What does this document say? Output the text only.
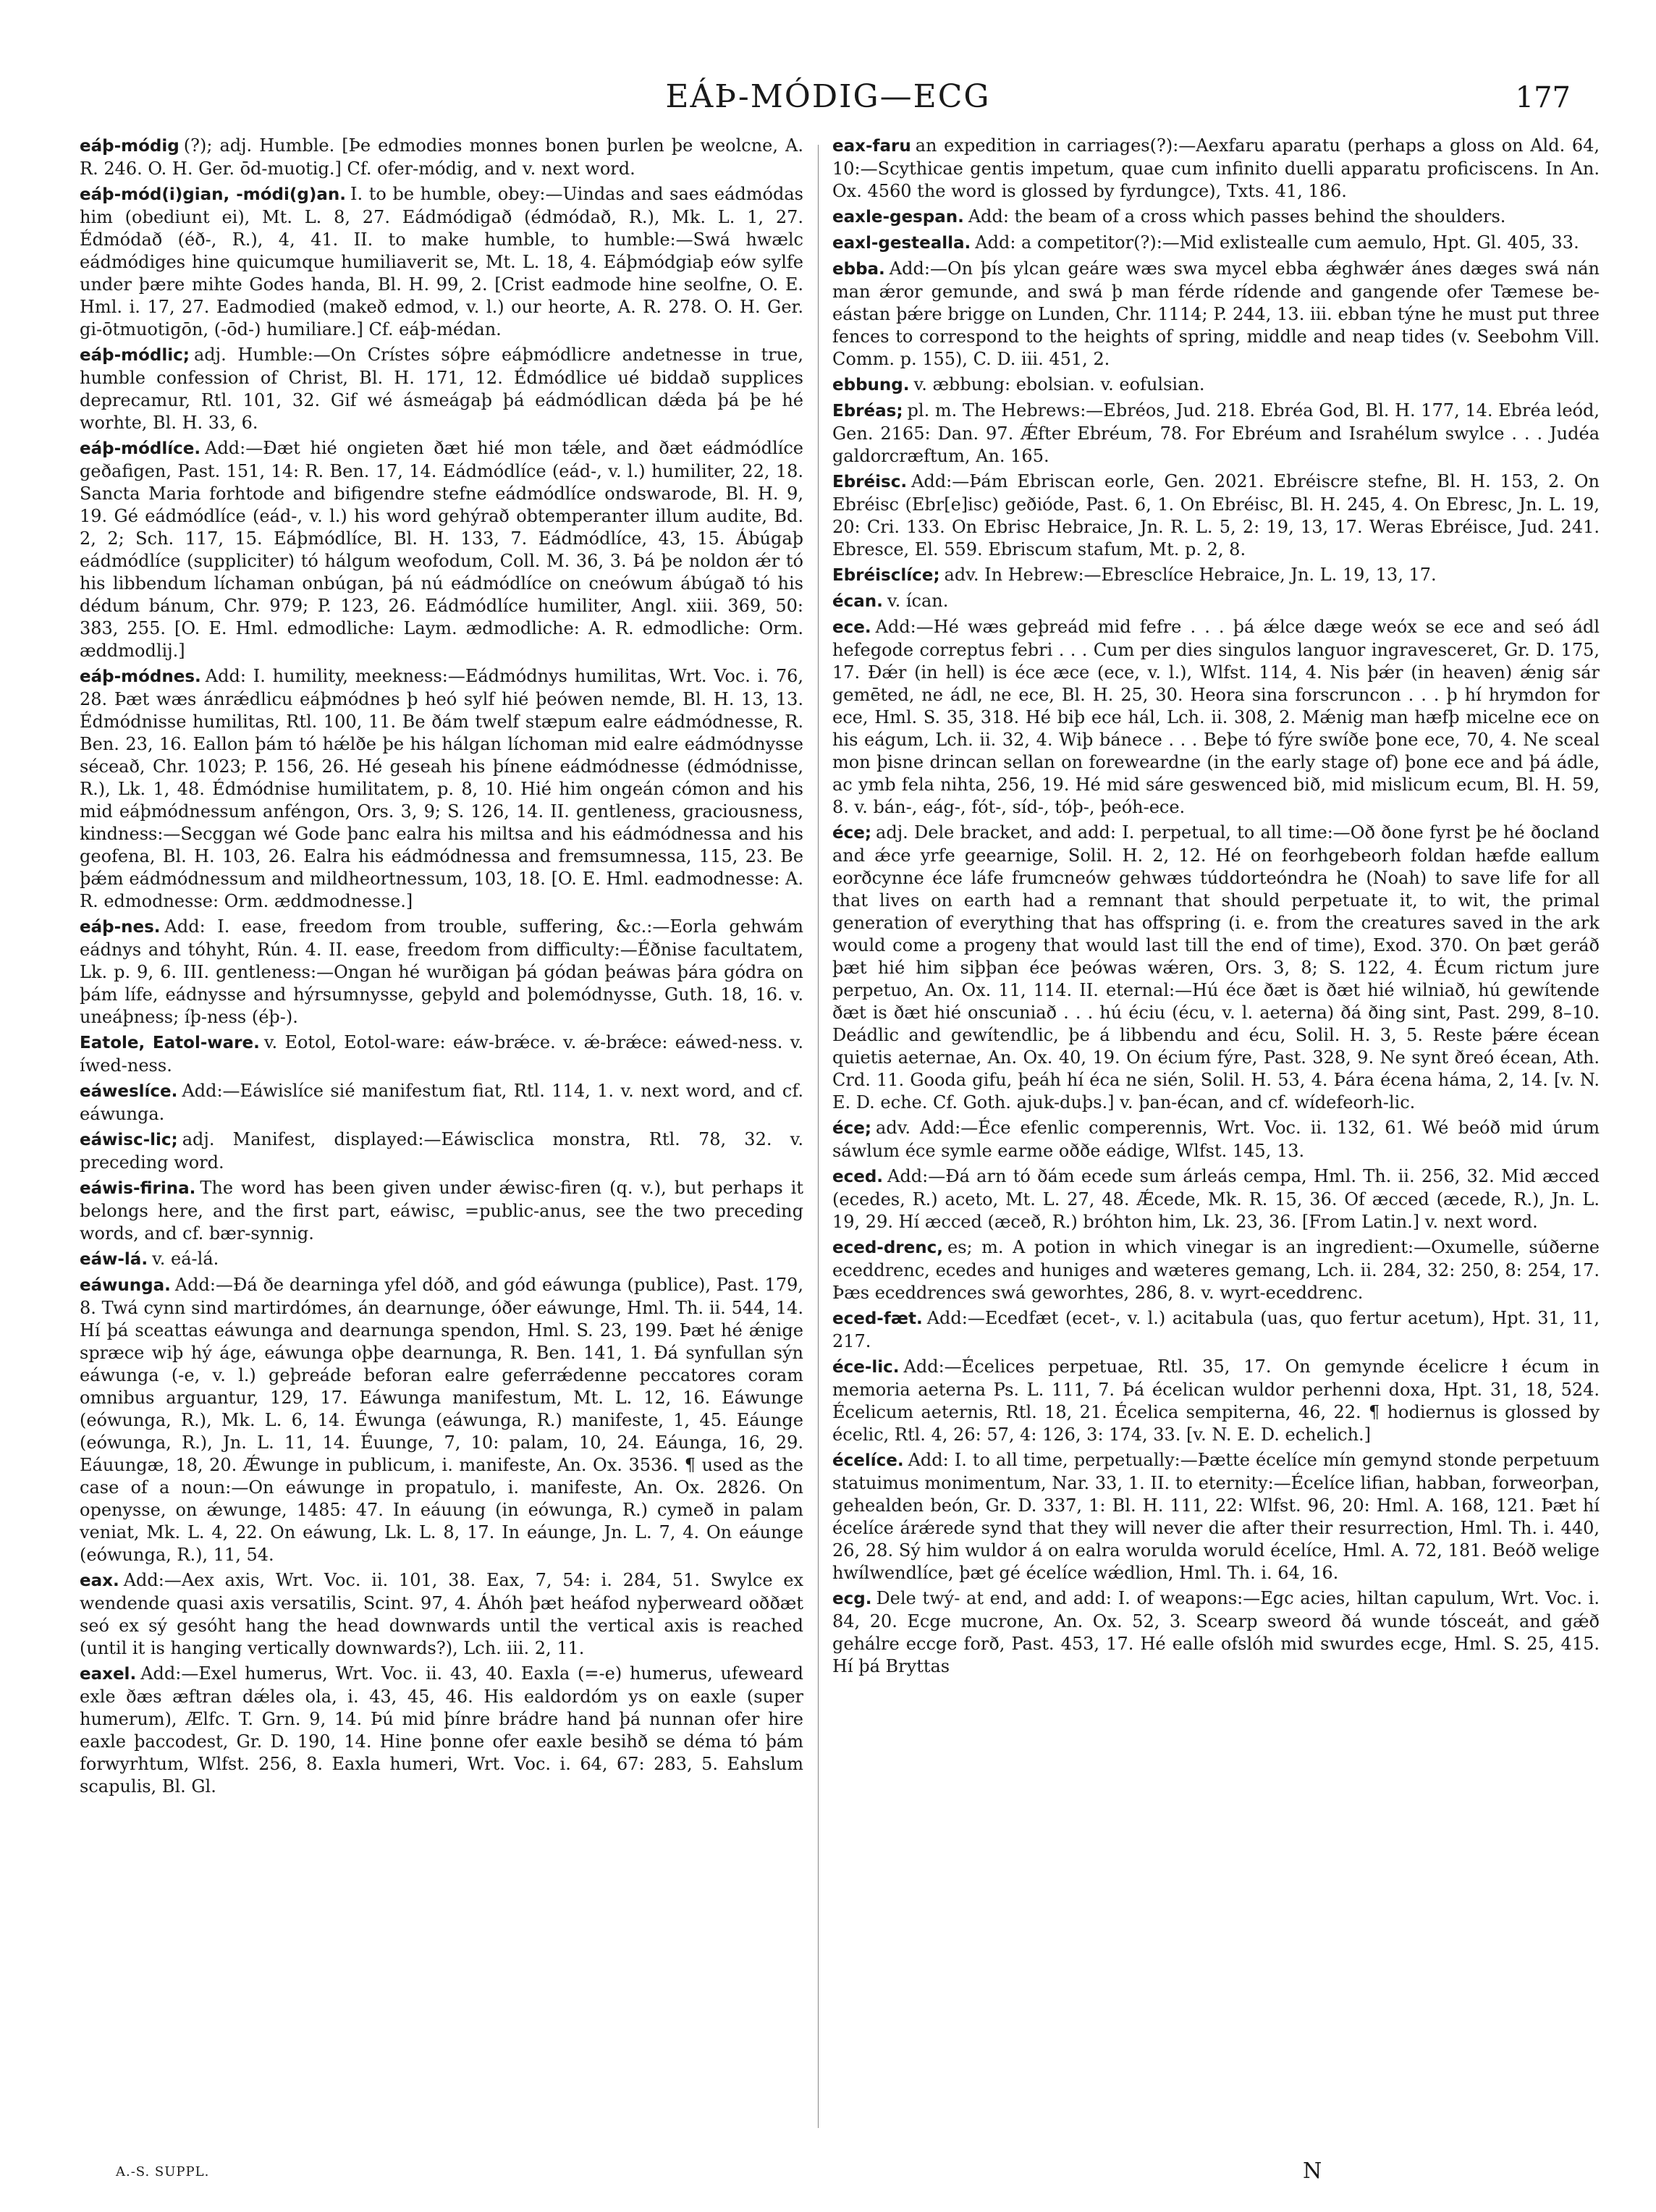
EÁÞ-MÓDIG—ECG	177

eáþ-módig (?); adj. Humble. [Þe edmodies monnes bonen þurlen þe weolcne, A. R. 246. O. H. Ger. ōd-muotig.] Cf. ofer-módig, and v. next word.

eáþ-mód(i)gian, -módi(g)an. I. to be humble, obey:—Uindas and saes eádmódas him (obediunt ei), Mt. L. 8, 27. Eádmódigað (édmódað, R.), Mk. L. 1, 27. Édmódað (éð-, R.), 4, 41. II. to make humble, to humble:—Swá hwælc eádmódiges hine quicumque humiliaverit se, Mt. L. 18, 4. Eáþmódgiaþ eów sylfe under þære mihte Godes handa, Bl. H. 99, 2. [Crist eadmode hine seolfne, O. E. Hml. i. 17, 27. Eadmodied (makeð edmod, v. l.) our heorte, A. R. 278. O. H. Ger. gi-ōtmuotigōn, (-ōd-) humiliare.] Cf. eáþ-médan.

eáþ-módlic; adj. Humble:—On Crístes sóþre eáþmódlicre andetnesse in true, humble confession of Christ, Bl. H. 171, 12. Édmódlice ué biddað supplices deprecamur, Rtl. 101, 32. Gif wé ásmeágaþ þá eádmódlican dǽda þá þe hé worhte, Bl. H. 33, 6.

eáþ-módlíce. Add:—Ðæt hié ongieten ðæt hié mon tǽle, and ðæt eádmódlíce geðafigen, Past. 151, 14: R. Ben. 17, 14. Eádmódlíce (eád-, v. l.) humiliter, 22, 18. Sancta Maria forhtode and bifigendre stefne eádmódlíce ondswarode, Bl. H. 9, 19. Gé eádmódlíce (eád-, v. l.) his word gehýrað obtemperanter illum audite, Bd. 2, 2; Sch. 117, 15. Eáþmódlíce, Bl. H. 133, 7. Eádmódlíce, 43, 15. Ábúgaþ eádmódlíce (suppliciter) tó hálgum weofodum, Coll. M. 36, 3. Þá þe noldon ǽr tó his libbendum líchaman onbúgan, þá nú eádmódlíce on cneówum ábúgað tó his dédum bánum, Chr. 979; P. 123, 26. Eádmódlíce humiliter, Angl. xiii. 369, 50: 383, 255. [O. E. Hml. edmodliche: Laym. ædmodliche: A. R. edmodliche: Orm. æddmodlij.]

eáþ-módnes. Add: I. humility, meekness:—Eádmódnys humilitas, Wrt. Voc. i. 76, 28. Þæt wæs ánrǽdlicu eáþmódnes þ heó sylf hié þeówen nemde, Bl. H. 13, 13. Édmódnisse humilitas, Rtl. 100, 11. Be ðám twelf stæpum ealre eádmódnesse, R. Ben. 23, 16. Eallon þám tó hǽlðe þe his hálgan líchoman mid ealre eádmódnysse séceað, Chr. 1023; P. 156, 26. Hé geseah his þínene eádmódnesse (édmódnisse, R.), Lk. 1, 48. Édmódnise humilitatem, p. 8, 10. Hié him ongeán cómon and his mid eáþmódnessum anféngon, Ors. 3, 9; S. 126, 14. II. gentleness, graciousness, kindness:—Secggan wé Gode þanc ealra his miltsa and his eádmódnessa and his geofena, Bl. H. 103, 26. Ealra his eádmódnessa and fremsumnessa, 115, 23. Be þǽm eádmódnessum and mildheortnessum, 103, 18. [O. E. Hml. eadmodnesse: A. R. edmodnesse: Orm. æddmodnesse.]

eáþ-nes. Add: I. ease, freedom from trouble, suffering, &c.:—Eorla gehwám eádnys and tóhyht, Rún. 4. II. ease, freedom from difficulty:—Éðnise facultatem, Lk. p. 9, 6. III. gentleness:—Ongan hé wurðigan þá gódan þeáwas þára gódra on þám lífe, eádnysse and hýrsumnysse, geþyld and þolemódnysse, Guth. 18, 16. v. uneáþness; íþ-ness (éþ-).

Eatole, Eatol-ware. v. Eotol, Eotol-ware: eáw-brǽce. v. ǽ-brǽce: eáwed-ness. v. íwed-ness.

eáweslíce. Add:—Eáwislíce sié manifestum fiat, Rtl. 114, 1. v. next word, and cf. eáwunga.

eáwisc-lic; adj. Manifest, displayed:—Eáwisclica monstra, Rtl. 78, 32. v. preceding word.

eáwis-firina. The word has been given under ǽwisc-firen (q. v.), but perhaps it belongs here, and the first part, eáwisc, =public-anus, see the two preceding words, and cf. bær-synnig.

eáw-lá. v. eá-lá.

eáwunga. Add:—Ðá ðe dearninga yfel dóð, and gód eáwunga (publice), Past. 179, 8. Twá cynn sind martirdómes, án dearnunge, óðer eáwunge, Hml. Th. ii. 544, 14. Hí þá sceattas eáwunga and dearnunga spendon, Hml. S. 23, 199. Þæt hé ǽnige spræce wiþ hý áge, eáwunga oþþe dearnunga, R. Ben. 141, 1. Ðá synfullan sýn eáwunga (-e, v. l.) geþreáde beforan ealre geferrǽdenne peccatores coram omnibus arguantur, 129, 17. Eáwunga manifestum, Mt. L. 12, 16. Eáwunge (eówunga, R.), Mk. L. 6, 14. Éwunga (eáwunga, R.) manifeste, 1, 45. Eáunge (eówunga, R.), Jn. L. 11, 14. Éuunge, 7, 10: palam, 10, 24. Eáunga, 16, 29. Eáuungæ, 18, 20. Ǽwunge in publicum, i. manifeste, An. Ox. 3536. ¶ used as the case of a noun:—On eáwunge in propatulo, i. manifeste, An. Ox. 2826. On openysse, on ǽwunge, 1485: 47. In eáuung (in eówunga, R.) cymeð in palam veniat, Mk. L. 4, 22. On eáwung, Lk. L. 8, 17. In eáunge, Jn. L. 7, 4. On eáunge (eówunga, R.), 11, 54.

eax. Add:—Aex axis, Wrt. Voc. ii. 101, 38. Eax, 7, 54: i. 284, 51. Swylce ex wendende quasi axis versatilis, Scint. 97, 4. Áhóh þæt heáfod nyþerweard oððæt seó ex sý gesóht hang the head downwards until the vertical axis is reached (until it is hanging vertically downwards?), Lch. iii. 2, 11.

eaxel. Add:—Exel humerus, Wrt. Voc. ii. 43, 40. Eaxla (=-e) humerus, ufeweard exle ðæs æftran dǽles ola, i. 43, 45, 46. His ealdordóm ys on eaxle (super humerum), Ælfc. T. Grn. 9, 14. Þú mid þínre brádre hand þá nunnan ofer hire eaxle þaccodest, Gr. D. 190, 14. Hine þonne ofer eaxle besihð se déma tó þám forwyrhtum, Wlfst. 256, 8. Eaxla humeri, Wrt. Voc. i. 64, 67: 283, 5. Eahslum scapulis, Bl. Gl.

eax-faru an expedition in carriages(?):—Aexfaru aparatu (perhaps a gloss on Ald. 64, 10:—Scythicae gentis impetum, quae cum infinito duelli apparatu proficiscens. In An. Ox. 4560 the word is glossed by fyrdungce), Txts. 41, 186.

eaxle-gespan. Add: the beam of a cross which passes behind the shoulders.

eaxl-gestealla. Add: a competitor(?):—Mid exlistealle cum aemulo, Hpt. Gl. 405, 33.

ebba. Add:—On þís ylcan geáre wæs swa mycel ebba ǽghwǽr ánes dæges swá nán man ǽror gemunde, and swá þ man férde rídende and gangende ofer Tæmese be-eástan þǽre brigge on Lunden, Chr. 1114; P. 244, 13. iii. ebban týne he must put three fences to correspond to the heights of spring, middle and neap tides (v. Seebohm Vill. Comm. p. 155), C. D. iii. 451, 2.

ebbung. v. æbbung: ebolsian. v. eofulsian.

Ebréas; pl. m. The Hebrews:—Ebréos, Jud. 218. Ebréa God, Bl. H. 177, 14. Ebréa leód, Gen. 2165: Dan. 97. Ǽfter Ebréum, 78. For Ebréum and Israhélum swylce . . . Judéa galdorcræftum, An. 165.

Ebréisc. Add:—Þám Ebriscan eorle, Gen. 2021. Ebréiscre stefne, Bl. H. 153, 2. On Ebréisc (Ebr[e]isc) geðióde, Past. 6, 1. On Ebréisc, Bl. H. 245, 4. On Ebresc, Jn. L. 19, 20: Cri. 133. On Ebrisc Hebraice, Jn. R. L. 5, 2: 19, 13, 17. Weras Ebréisce, Jud. 241. Ebresce, El. 559. Ebriscum stafum, Mt. p. 2, 8.

Ebréisclíce; adv. In Hebrew:—Ebresclíce Hebraice, Jn. L. 19, 13, 17.

écan. v. ícan.

ece. Add:—Hé wæs geþreád mid fefre . . . þá ǽlce dæge weóx se ece and seó ádl hefegode correptus febri . . . Cum per dies singulos languor ingravesceret, Gr. D. 175, 17. Ðǽr (in hell) is éce æce (ece, v. l.), Wlfst. 114, 4. Nis þǽr (in heaven) ǽnig sár gemēted, ne ádl, ne ece, Bl. H. 25, 30. Heora sina forscruncon . . . þ hí hrymdon for ece, Hml. S. 35, 318. Hé biþ ece hál, Lch. ii. 308, 2. Mǽnig man hæfþ micelne ece on his eágum, Lch. ii. 32, 4. Wiþ bánece . . . Beþe tó fýre swíðe þone ece, 70, 4. Ne sceal mon þisne drincan sellan on foreweardne (in the early stage of) þone ece and þá ádle, ac ymb fela nihta, 256, 19. Hé mid sáre geswenced bið, mid mislicum ecum, Bl. H. 59, 8. v. bán-, eág-, fót-, síd-, tóþ-, þeóh-ece.

éce; adj. Dele bracket, and add: I. perpetual, to all time:—Oð ðone fyrst þe hé ðocland and ǽce yrfe geearnige, Solil. H. 2, 12. Hé on feorhgebeorh foldan hæfde eallum eorðcynne éce láfe frumcneów gehwæs túddorteóndra he (Noah) to save life for all that lives on earth had a remnant that should perpetuate it, to wit, the primal generation of everything that has offspring (i. e. from the creatures saved in the ark would come a progeny that would last till the end of time), Exod. 370. On þæt geráð þæt hié him siþþan éce þeówas wǽren, Ors. 3, 8; S. 122, 4. Écum rictum jure perpetuo, An. Ox. 11, 114. II. eternal:—Hú éce ðæt is ðæt hié wilniað, hú gewítende ðæt is ðæt hié onscuniað . . . hú éciu (écu, v. l. aeterna) ðá ðing sint, Past. 299, 8–10. Deádlic and gewítendlic, þe á libbendu and écu, Solil. H. 3, 5. Reste þǽre écean quietis aeternae, An. Ox. 40, 19. On écium fýre, Past. 328, 9. Ne synt ðreó écean, Ath. Crd. 11. Gooda gifu, þeáh hí éca ne sién, Solil. H. 53, 4. Þára écena háma, 2, 14. [v. N. E. D. eche. Cf. Goth. ajuk-duþs.] v. þan-écan, and cf. wídefeorh-lic.

éce; adv. Add:—Éce efenlic comperennis, Wrt. Voc. ii. 132, 61. Wé beóð mid úrum sáwlum éce symle earme oððe eádige, Wlfst. 145, 13.

eced. Add:—Ðá arn tó ðám ecede sum árleás cempa, Hml. Th. ii. 256, 32. Mid æcced (ecedes, R.) aceto, Mt. L. 27, 48. Ǽcede, Mk. R. 15, 36. Of æcced (æcede, R.), Jn. L. 19, 29. Hí æcced (æceð, R.) bróhton him, Lk. 23, 36. [From Latin.] v. next word.

eced-drenc, es; m. A potion in which vinegar is an ingredient:—Oxumelle, súðerne eceddrenc, ecedes and huniges and wæteres gemang, Lch. ii. 284, 32: 250, 8: 254, 17. Þæs eceddrences swá geworhtes, 286, 8. v. wyrt-eceddrenc.

eced-fæt. Add:—Ecedfæt (ecet-, v. l.) acitabula (uas, quo fertur acetum), Hpt. 31, 11, 217.

éce-lic. Add:—Écelices perpetuae, Rtl. 35, 17. On gemynde écelicre ł écum in memoria aeterna Ps. L. 111, 7. Þá écelican wuldor perhenni doxa, Hpt. 31, 18, 524. Écelicum aeternis, Rtl. 18, 21. Écelica sempiterna, 46, 22. ¶ hodiernus is glossed by écelic, Rtl. 4, 26: 57, 4: 126, 3: 174, 33. [v. N. E. D. echelich.]

écelíce. Add: I. to all time, perpetually:—Þætte écelíce mín gemynd stonde perpetuum statuimus monimentum, Nar. 33, 1. II. to eternity:—Écelíce lifian, habban, forweorþan, gehealden beón, Gr. D. 337, 1: Bl. H. 111, 22: Wlfst. 96, 20: Hml. A. 168, 121. Þæt hí écelíce árǽrede synd that they will never die after their resurrection, Hml. Th. i. 440, 26, 28. Sý him wuldor á on ealra worulda woruld écelíce, Hml. A. 72, 181. Beóð welige hwílwendlíce, þæt gé écelíce wǽdlion, Hml. Th. i. 64, 16.

ecg. Dele twý- at end, and add: I. of weapons:—Egc acies, hiltan capulum, Wrt. Voc. i. 84, 20. Ecge mucrone, An. Ox. 52, 3. Scearp sweord ðá wunde tósceát, and gǽð gehálre eccge forð, Past. 453, 17. Hé ealle ofslóh mid swurdes ecge, Hml. S. 25, 415. Hí þá Bryttas

A.-S. SUPPL.	N
